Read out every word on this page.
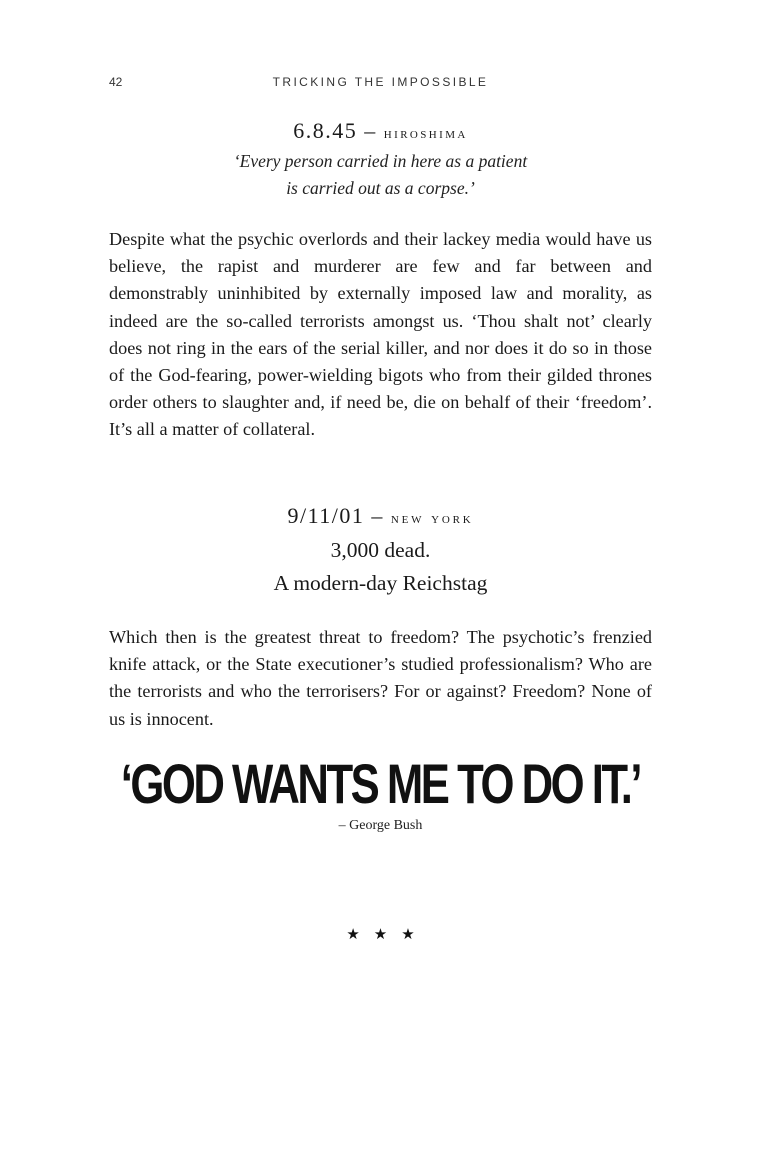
42	TRICKING THE IMPOSSIBLE
6.8.45 – hiroshima
‘Every person carried in here as a patient
is carried out as a corpse.’

Despite what the psychic overlords and their lackey media would have us believe, the rapist and murderer are few and far between and demonstrably uninhibited by externally imposed law and morality, as indeed are the so-called terrorists amongst us. ‘Thou shalt not’ clearly does not ring in the ears of the serial killer, and nor does it do so in those of the God-fearing, power-wielding bigots who from their gilded thrones order others to slaughter and, if need be, die on behalf of their ‘freedom’. It’s all a matter of collateral.

9/11/01 – new york
3,000 dead.
A modern-day Reichstag

Which then is the greatest threat to freedom? The psychotic’s frenzied knife attack, or the State executioner’s studied professionalism? Who are the terrorists and who the terrorisers? For or against? Freedom? None of us is innocent.

‘GOD WANTS ME TO DO IT.’
– George Bush
★★★
